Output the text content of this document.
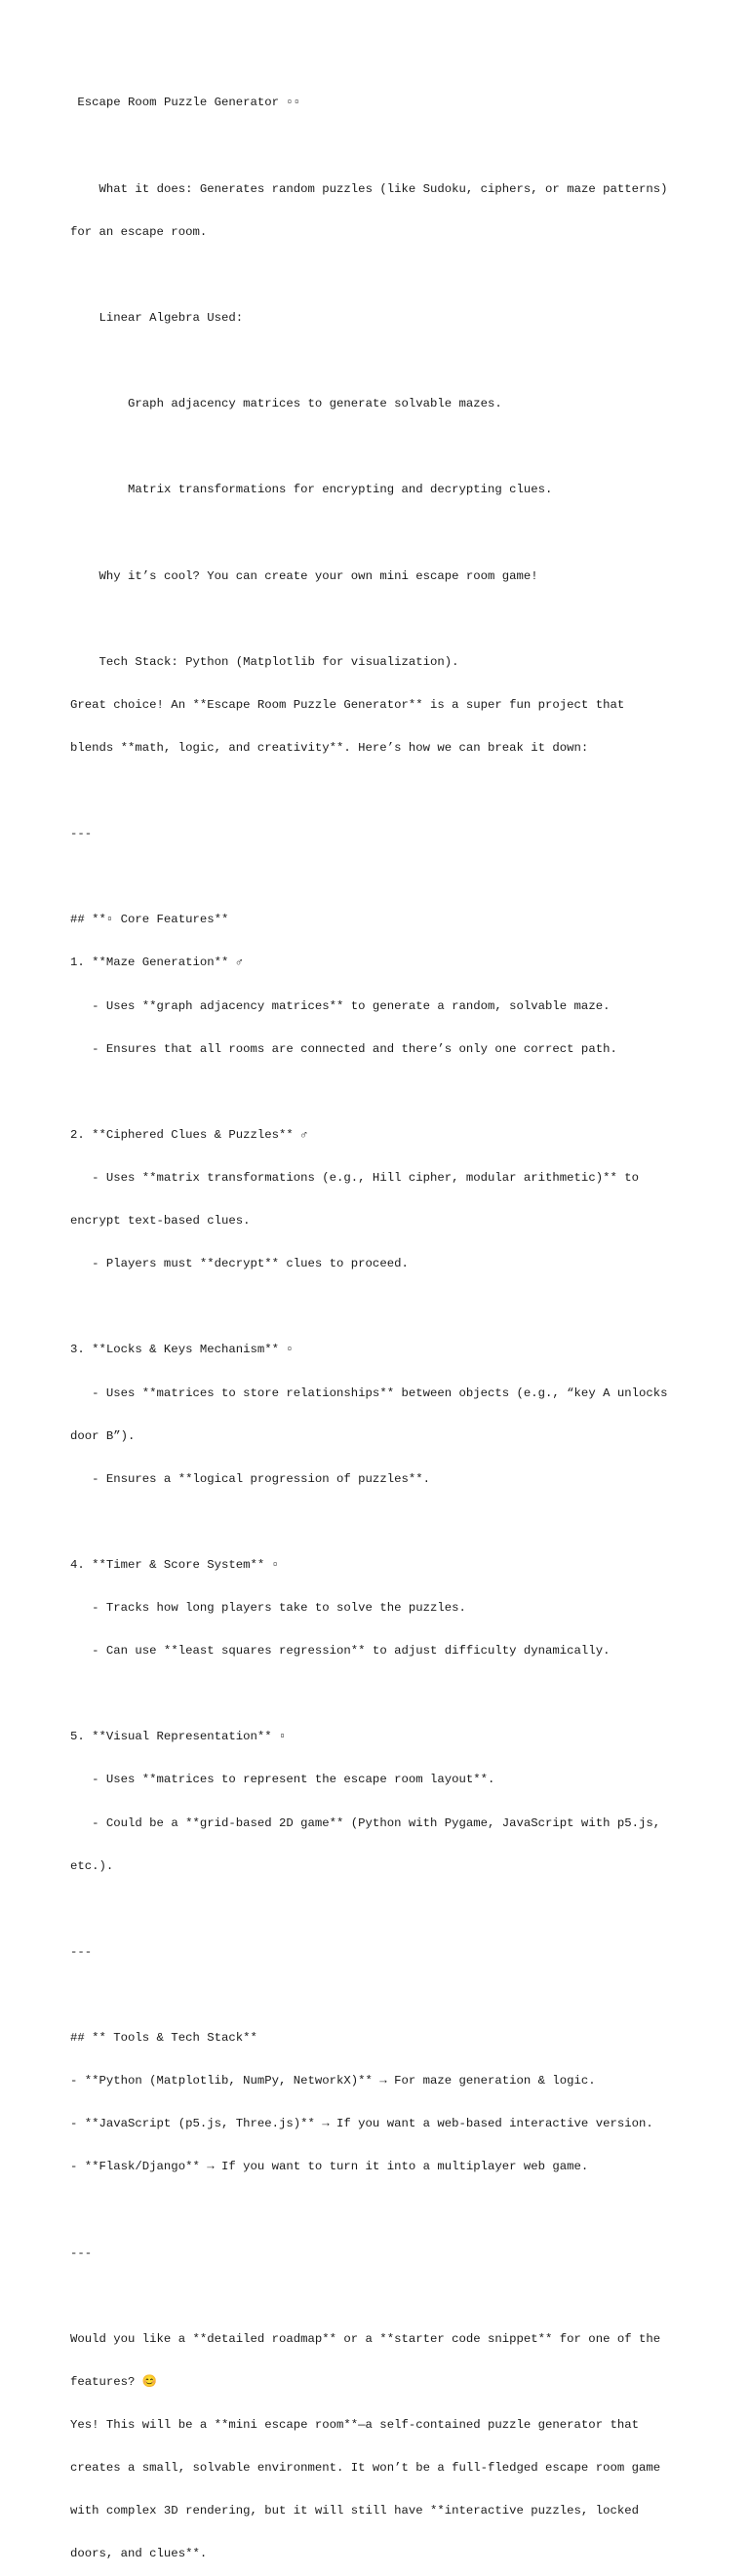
Escape Room Puzzle Generator ▫▫

What it does: Generates random puzzles (like Sudoku, ciphers, or maze patterns)

for an escape room.

Linear Algebra Used:

Graph adjacency matrices to generate solvable mazes.

Matrix transformations for encrypting and decrypting clues.

Why it’s cool? You can create your own mini escape room game!

Tech Stack: Python (Matplotlib for visualization).

Great choice! An **Escape Room Puzzle Generator** is a super fun project that

blends **math, logic, and creativity**. Here’s how we can break it down:

---

## **▫ Core Features**

1. **Maze Generation** ♂

- Uses **graph adjacency matrices** to generate a random, solvable maze.

- Ensures that all rooms are connected and there’s only one correct path.

2. **Ciphered Clues & Puzzles** ♂

- Uses **matrix transformations (e.g., Hill cipher, modular arithmetic)** to

encrypt text-based clues.

- Players must **decrypt** clues to proceed.

3. **Locks & Keys Mechanism** ▫

- Uses **matrices to store relationships** between objects (e.g., “key A unlocks

door B”).

- Ensures a **logical progression of puzzles**.

4. **Timer & Score System** ▫

- Tracks how long players take to solve the puzzles.

- Can use **least squares regression** to adjust difficulty dynamically.

5. **Visual Representation** ▫

- Uses **matrices to represent the escape room layout**.

- Could be a **grid-based 2D game** (Python with Pygame, JavaScript with p5.js,

etc.).

---

## ** Tools & Tech Stack**

- **Python (Matplotlib, NumPy, NetworkX)** → For maze generation & logic.

- **JavaScript (p5.js, Three.js)** → If you want a web-based interactive version.

- **Flask/Django** → If you want to turn it into a multiplayer web game.

---

Would you like a **detailed roadmap** or a **starter code snippet** for one of the

features? 😊

Yes! This will be a **mini escape room**—a self-contained puzzle generator that

creates a small, solvable environment. It won’t be a full-fledged escape room game

with complex 3D rendering, but it will still have **interactive puzzles, locked

doors, and clues**.
